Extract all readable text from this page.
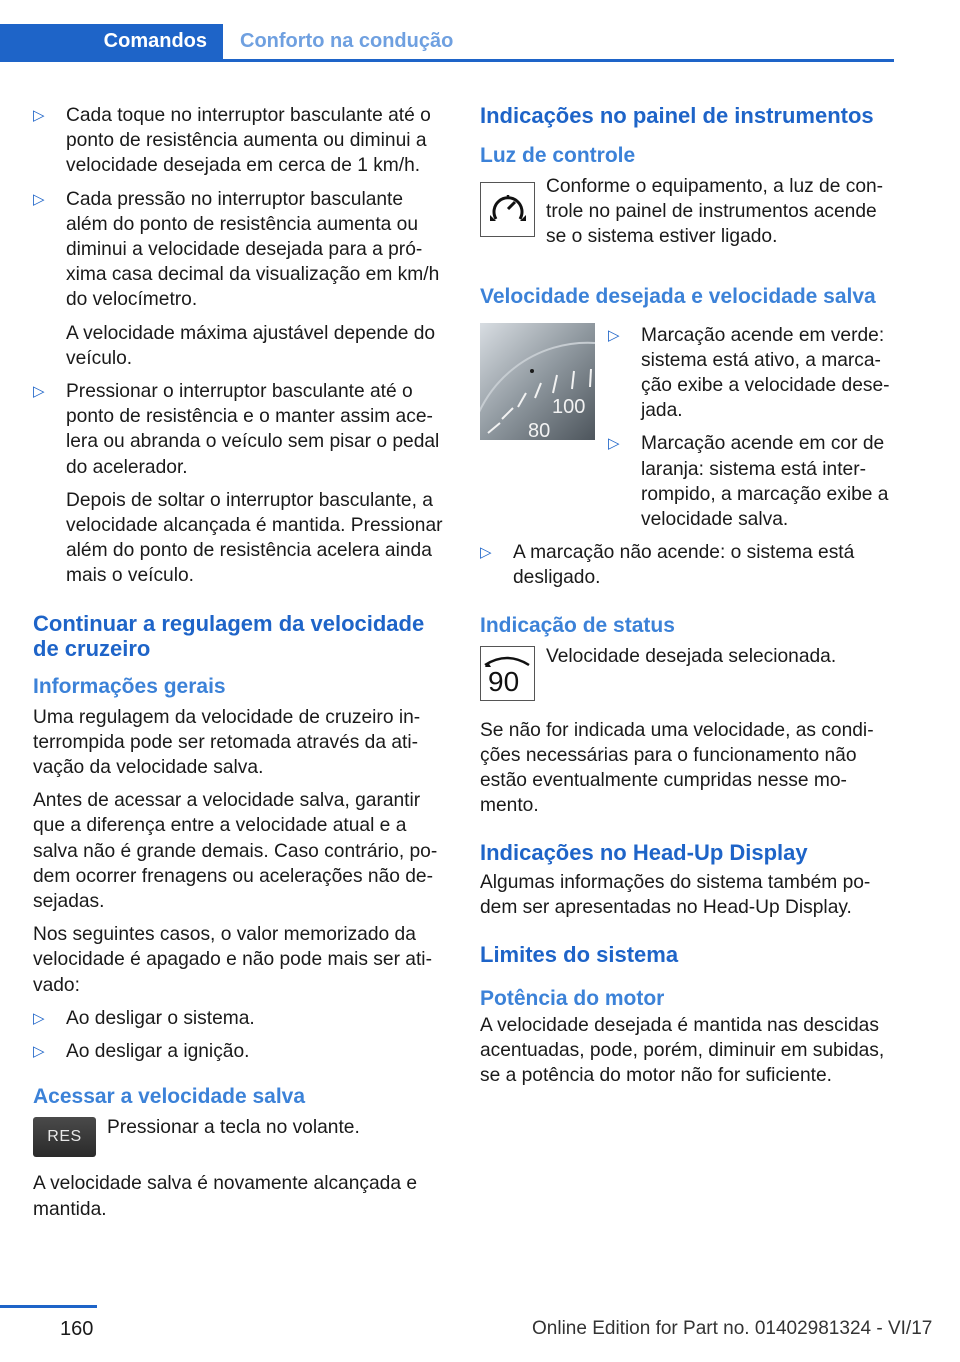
Comandos	Conforto na condução
▷ Cada toque no interruptor basculante até o ponto de resistência aumenta ou diminui a velocidade desejada em cerca de 1 km/h.

▷ Cada pressão no interruptor basculante além do ponto de resistência aumenta ou diminui a velocidade desejada para a próxima casa decimal da visualização em km/h do velocímetro.

A velocidade máxima ajustável depende do veículo.

▷ Pressionar o interruptor basculante até o ponto de resistência e o manter assim acelera ou abranda o veículo sem pisar o pedal do acelerador.

Depois de soltar o interruptor basculante, a velocidade alcançada é mantida. Pressionar além do ponto de resistência acelera ainda mais o veículo.

Continuar a regulagem da velocidade de cruzeiro
Informações gerais

Uma regulagem da velocidade de cruzeiro interrompida pode ser retomada através da ativação da velocidade salva.

Antes de acessar a velocidade salva, garantir que a diferença entre a velocidade atual e a salva não é grande demais. Caso contrário, podem ocorrer frenagens ou acelerações não desejadas.

Nos seguintes casos, o valor memorizado da velocidade é apagado e não pode mais ser ativado:

▷ Ao desligar o sistema.

▷ Ao desligar a ignição.

Acessar a velocidade salva
RES Pressionar a tecla no volante.

A velocidade salva é novamente alcançada e mantida.

Indicações no painel de instrumentos
Luz de controle

Conforme o equipamento, a luz de controle no painel de instrumentos acende se o sistema estiver ligado.

Velocidade desejada e velocidade salva
100
80
▷ Marcação acende em verde: sistema está ativo, a marcação exibe a velocidade desejada.

▷ Marcação acende em cor de laranja: sistema está interrompido, a marcação exibe a velocidade salva.

▷ A marcação não acende: o sistema está desligado.

Indicação de status
90

Velocidade desejada selecionada.

Se não for indicada uma velocidade, as condições necessárias para o funcionamento não estão eventualmente cumpridas nesse momento.

Indicações no Head-Up Display

Algumas informações do sistema também podem ser apresentadas no Head-Up Display.

Limites do sistema
Potência do motor

A velocidade desejada é mantida nas descidas acentuadas, pode, porém, diminuir em subidas, se a potência do motor não for suficiente.

160	Online Edition for Part no. 01402981324 - VI/17
